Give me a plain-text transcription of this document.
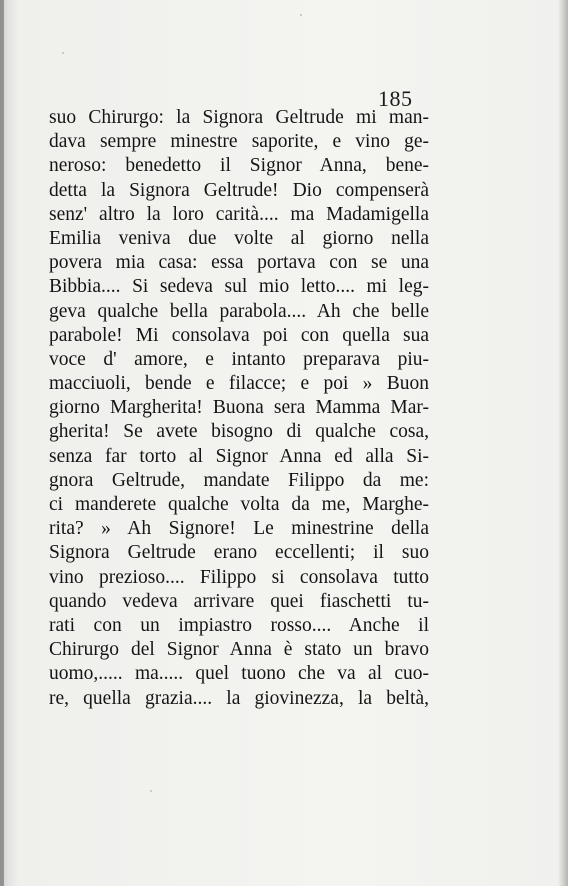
185
suo Chirurgo: la Signora Geltrude mi man-
dava sempre minestre saporite, e vino ge-
neroso: benedetto il Signor Anna, bene-
detta la Signora Geltrude! Dio compenserà
senz' altro la loro carità.... ma Madamigella
Emilia veniva due volte al giorno nella
povera mia casa: essa portava con se una
Bibbia.... Si sedeva sul mio letto.... mi leg-
geva qualche bella parabola.... Ah che belle
parabole! Mi consolava poi con quella sua
voce d' amore, e intanto preparava piu-
macciuoli, bende e filacce; e poi » Buon
giorno Margherita! Buona sera Mamma Mar-
gherita! Se avete bisogno di qualche cosa,
senza far torto al Signor Anna ed alla Si-
gnora Geltrude, mandate Filippo da me:
ci manderete qualche volta da me, Marghe-
rita? » Ah Signore! Le minestrine della
Signora Geltrude erano eccellenti; il suo
vino prezioso.... Filippo si consolava tutto
quando vedeva arrivare quei fiaschetti tu-
rati con un impiastro rosso.... Anche il
Chirurgo del Signor Anna è stato un bravo
uomo,..... ma..... quel tuono che va al cuo-
re, quella grazia.... la giovinezza, la beltà,
